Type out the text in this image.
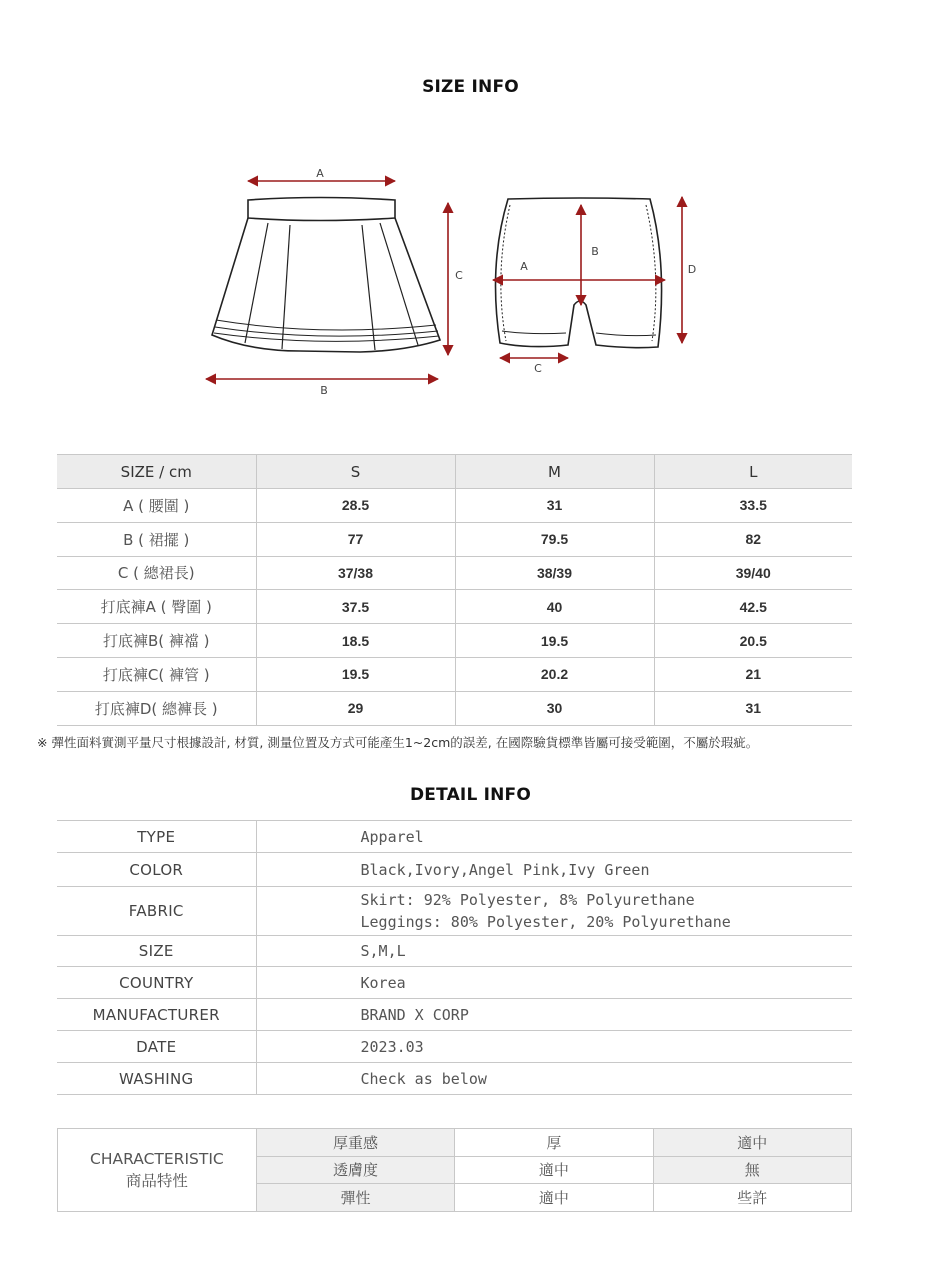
SIZE INFO
A
C
B
A
B
D
C
SIZE / cm	S	M	L
A ( 腰圍 )	28.5	31	33.5
B ( 裙擺 )	77	79.5	82
C ( 總裙長)	37/38	38/39	39/40
打底褲A ( 臀圍 )	37.5	40	42.5
打底褲B( 褲襠 )	18.5	19.5	20.5
打底褲C( 褲管 )	19.5	20.2	21
打底褲D( 總褲長 )	29	30	31
※ 彈性面料實測平量尺寸根據設計, 材質, 測量位置及方式可能產生1~2cm的誤差, 在國際驗貨標準皆屬可接受範圍，不屬於瑕疵。
DETAIL INFO
TYPE	Apparel

COLOR	Black,Ivory,Angel Pink,Ivy Green

FABRIC	Skirt: 92% Polyester, 8% Polyurethane
Leggings: 80% Polyester, 20% Polyurethane

SIZE	S,M,L

COUNTRY	Korea

MANUFACTURER	BRAND X CORP

DATE	2023.03

WASHING	Check as below
CHARACTERISTIC
商品特性	厚重感	厚	適中
	透膚度	適中	無
	彈性	適中	些許
